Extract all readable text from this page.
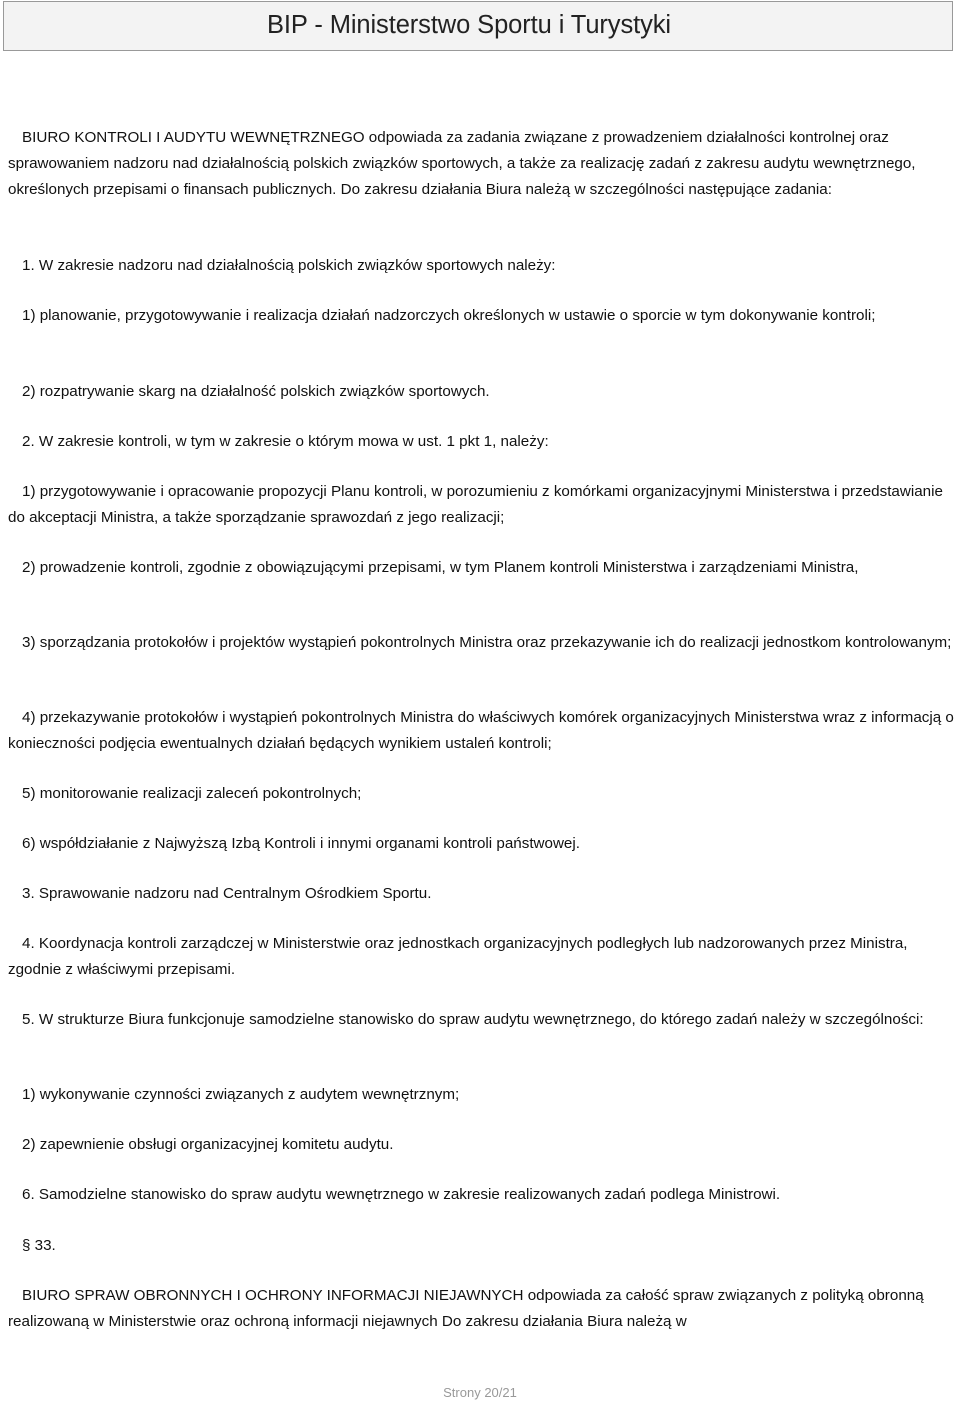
BIP - Ministerstwo Sportu i Turystyki

BIURO KONTROLI I AUDYTU WEWNĘTRZNEGO odpowiada za zadania związane z prowadzeniem działalności kontrolnej oraz sprawowaniem nadzoru nad działalnością polskich związków sportowych, a także za realizację zadań z zakresu audytu wewnętrznego, określonych przepisami o finansach publicznych. Do zakresu działania Biura należą w szczególności następujące zadania:

1. W zakresie nadzoru nad działalnością polskich związków sportowych należy:

1) planowanie, przygotowywanie i realizacja działań nadzorczych określonych w ustawie o sporcie w tym dokonywanie kontroli;

2) rozpatrywanie skarg na działalność polskich związków sportowych.

2. W zakresie kontroli, w tym w zakresie o którym mowa w ust. 1 pkt 1, należy:

1) przygotowywanie i opracowanie propozycji Planu kontroli, w porozumieniu z komórkami organizacyjnymi Ministerstwa i przedstawianie do akceptacji Ministra, a także sporządzanie sprawozdań z jego realizacji;

2) prowadzenie kontroli, zgodnie z obowiązującymi przepisami, w tym Planem kontroli Ministerstwa i zarządzeniami Ministra,

3) sporządzania protokołów i projektów wystąpień pokontrolnych Ministra oraz przekazywanie ich do realizacji jednostkom kontrolowanym;

4) przekazywanie protokołów i wystąpień pokontrolnych Ministra do właściwych komórek organizacyjnych Ministerstwa wraz z informacją o konieczności podjęcia ewentualnych działań będących wynikiem ustaleń kontroli;

5) monitorowanie realizacji zaleceń pokontrolnych;

6) współdziałanie z Najwyższą Izbą Kontroli i innymi organami kontroli państwowej.

3. Sprawowanie nadzoru nad Centralnym Ośrodkiem Sportu.

4. Koordynacja kontroli zarządczej w Ministerstwie oraz jednostkach organizacyjnych podległych lub nadzorowanych przez Ministra, zgodnie z właściwymi przepisami.

5. W strukturze Biura funkcjonuje samodzielne stanowisko do spraw audytu wewnętrznego, do którego zadań należy w szczególności:

1) wykonywanie czynności związanych z audytem wewnętrznym;

2) zapewnienie obsługi organizacyjnej komitetu audytu.

6. Samodzielne stanowisko do spraw audytu wewnętrznego w zakresie realizowanych zadań podlega Ministrowi.

§ 33.

BIURO SPRAW OBRONNYCH I OCHRONY INFORMACJI NIEJAWNYCH odpowiada za całość spraw związanych z polityką obronną realizowaną w Ministerstwie oraz ochroną informacji niejawnych Do zakresu działania Biura należą w

Strony 20/21
